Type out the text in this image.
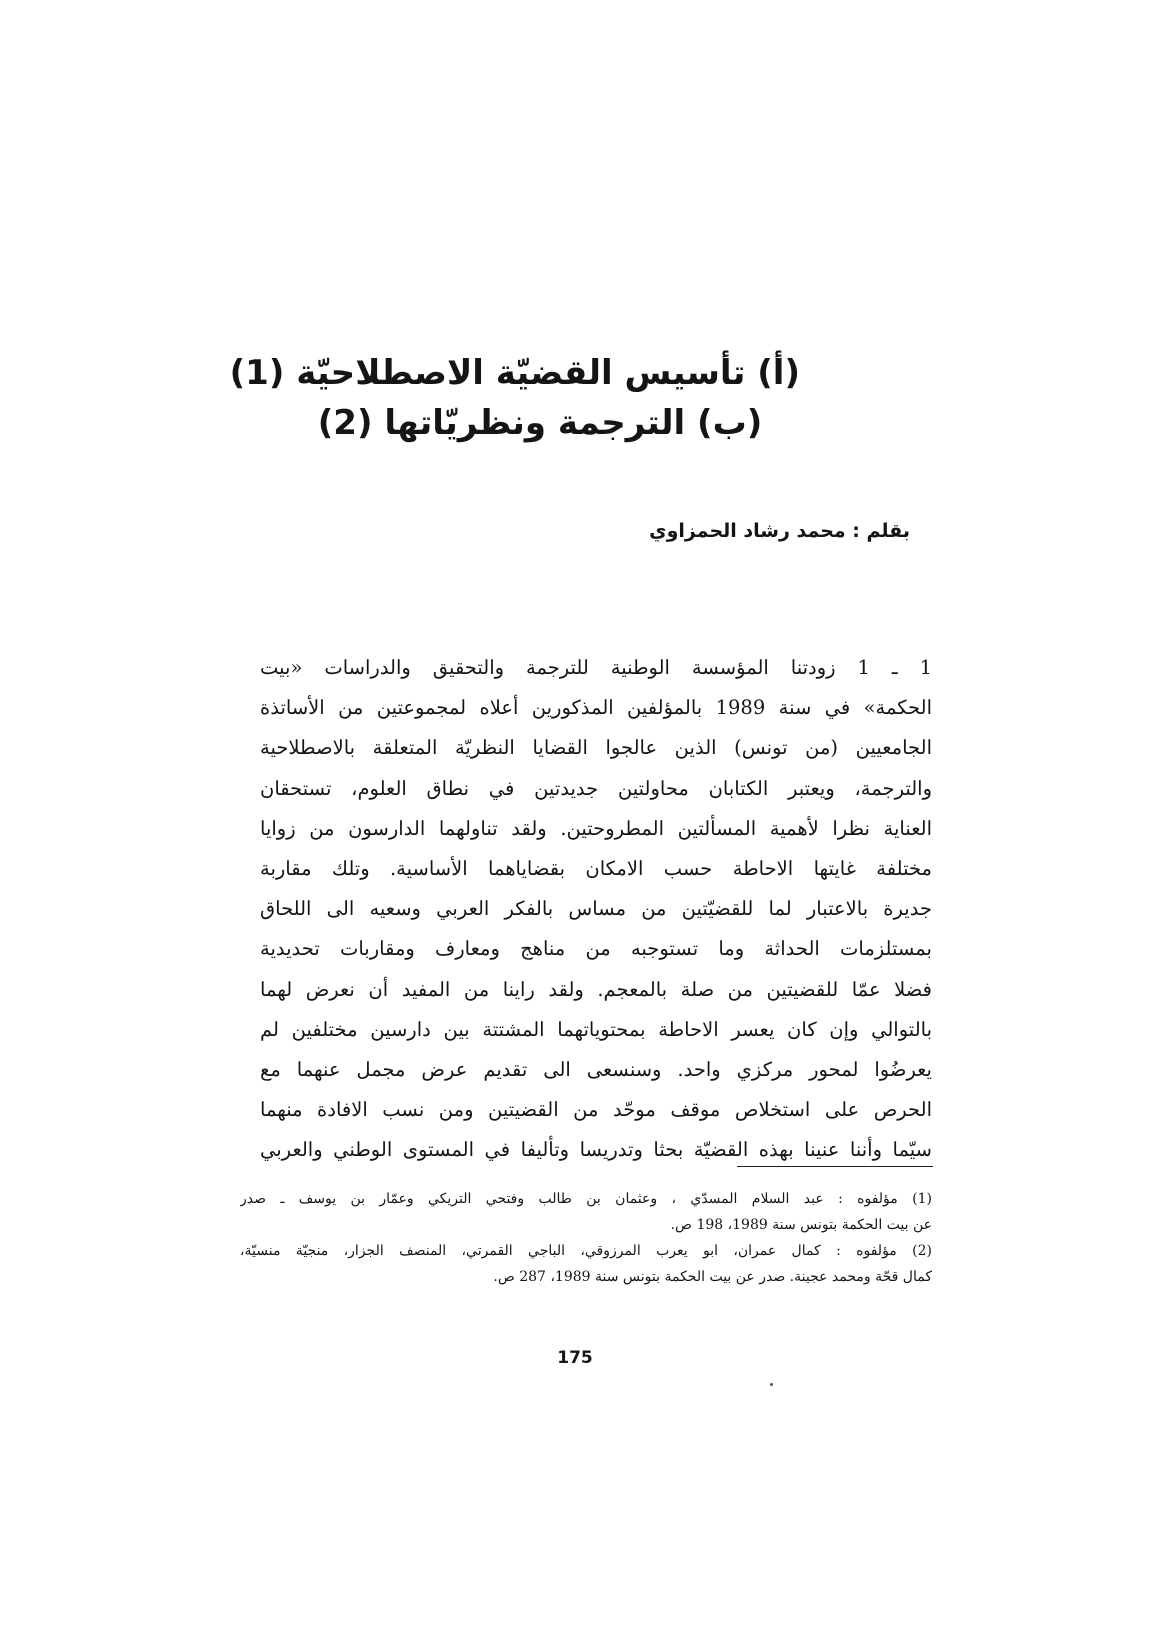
(أ) تأسيس القضيّة الاصطلاحيّة (1)
(ب) الترجمة ونظريّاتها (2)
بقلم : محمد رشاد الحمزاوي
1 ـ 1 زودتنا المؤسسة الوطنية للترجمة والتحقيق والدراسات «بيت
الحكمة» في سنة 1989 بالمؤلفين المذكورين أعلاه لمجموعتين من الأساتذة
الجامعيين (من تونس) الذين عالجوا القضايا النظريّة المتعلقة بالاصطلاحية
والترجمة، ويعتبر الكتابان محاولتين جديدتين في نطاق العلوم، تستحقان
العناية نظرا لأهمية المسألتين المطروحتين. ولقد تناولهما الدارسون من زوايا
مختلفة غايتها الاحاطة حسب الامكان بقضاياهما الأساسية. وتلك مقاربة
جديرة بالاعتبار لما للقضيّتين من مساس بالفكر العربي وسعيه الى اللحاق
بمستلزمات الحداثة وما تستوجبه من مناهج ومعارف ومقاربات تحديدية
فضلا عمّا للقضيتين من صلة بالمعجم. ولقد راينا من المفيد أن نعرض لهما
بالتوالي وإن كان يعسر الاحاطة بمحتوياتهما المشتتة بين دارسين مختلفين لم
يعرضُوا لمحور مركزي واحد. وسنسعى الى تقديم عرض مجمل عنهما مع
الحرص على استخلاص موقف موحّد من القضيتين ومن نسب الافادة منهما
سيّما وأننا عنينا بهذه القضيّة بحثا وتدريسا وتأليفا في المستوى الوطني والعربي
(1) مؤلفوه : عبد السلام المسدّي ، وعثمان بن طالب وفتحي التريكي وعمّار بن يوسف ـ صدر
عن بيت الحكمة بتونس سنة 1989، 198 ص.
(2) مؤلفوه : كمال عمران، ابو يعرب المرزوقي، الباجي القمرتي، المنصف الجزار، منجيّة منسيّة،
كمال قحّة ومحمد عجينة. صدر عن بيت الحكمة بتونس سنة 1989، 287 ص.
175
